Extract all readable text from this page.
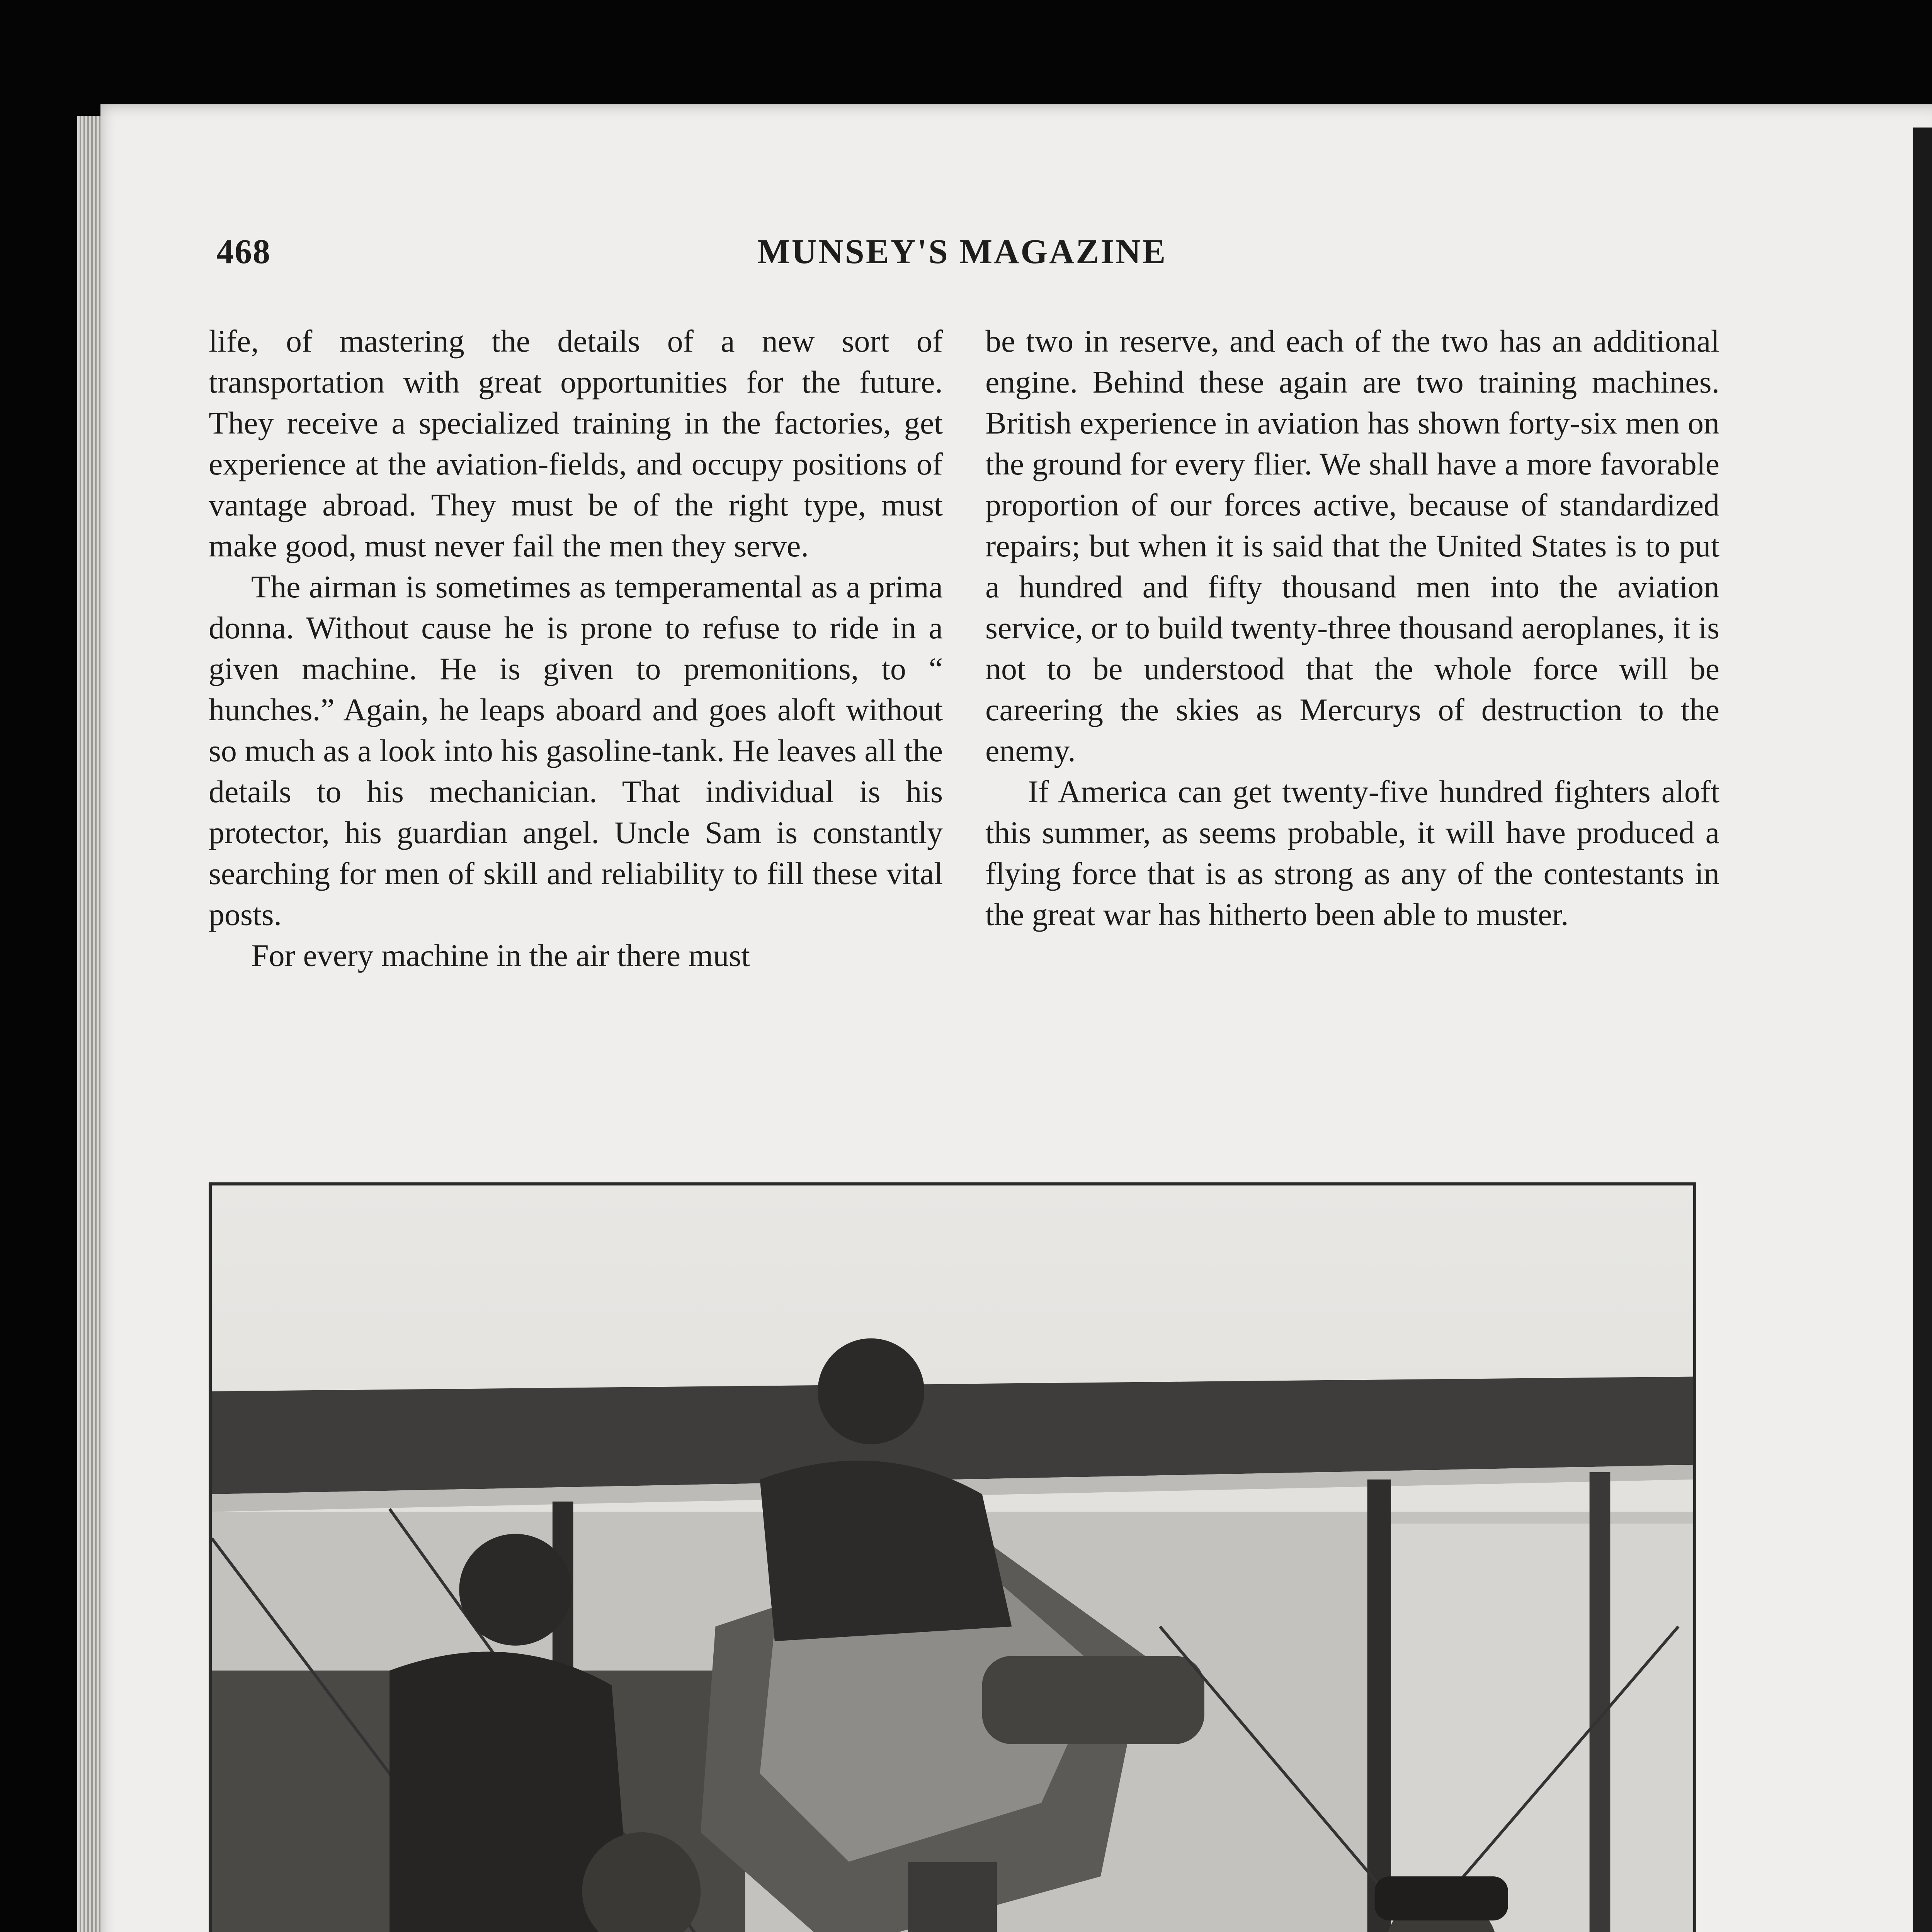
468	MUNSEY'S MAGAZINE

life, of mastering the details of a new sort of transportation with great opportunities for the future. They receive a specialized training in the factories, get experience at the aviation-fields, and occupy positions of vantage abroad. They must be of the right type, must make good, must never fail the men they serve.

The airman is sometimes as temperamental as a prima donna. Without cause he is prone to refuse to ride in a given machine. He is given to premonitions, to “ hunches.” Again, he leaps aboard and goes aloft without so much as a look into his gasoline-tank. He leaves all the details to his mechanician. That individual is his protector, his guardian angel. Uncle Sam is constantly searching for men of skill and reliability to fill these vital posts.

For every machine in the air there must

be two in reserve, and each of the two has an additional engine. Behind these again are two training machines. British experience in aviation has shown forty-six men on the ground for every flier. We shall have a more favorable proportion of our forces active, because of standardized repairs; but when it is said that the United States is to put a hundred and fifty thousand men into the aviation service, or to build twenty-three thousand aeroplanes, it is not to be understood that the whole force will be careering the skies as Mercurys of destruction to the enemy.

If America can get twenty-five hundred fighters aloft this summer, as seems probable, it will have produced a flying force that is as strong as any of the contestants in the great war has hitherto been able to muster.
